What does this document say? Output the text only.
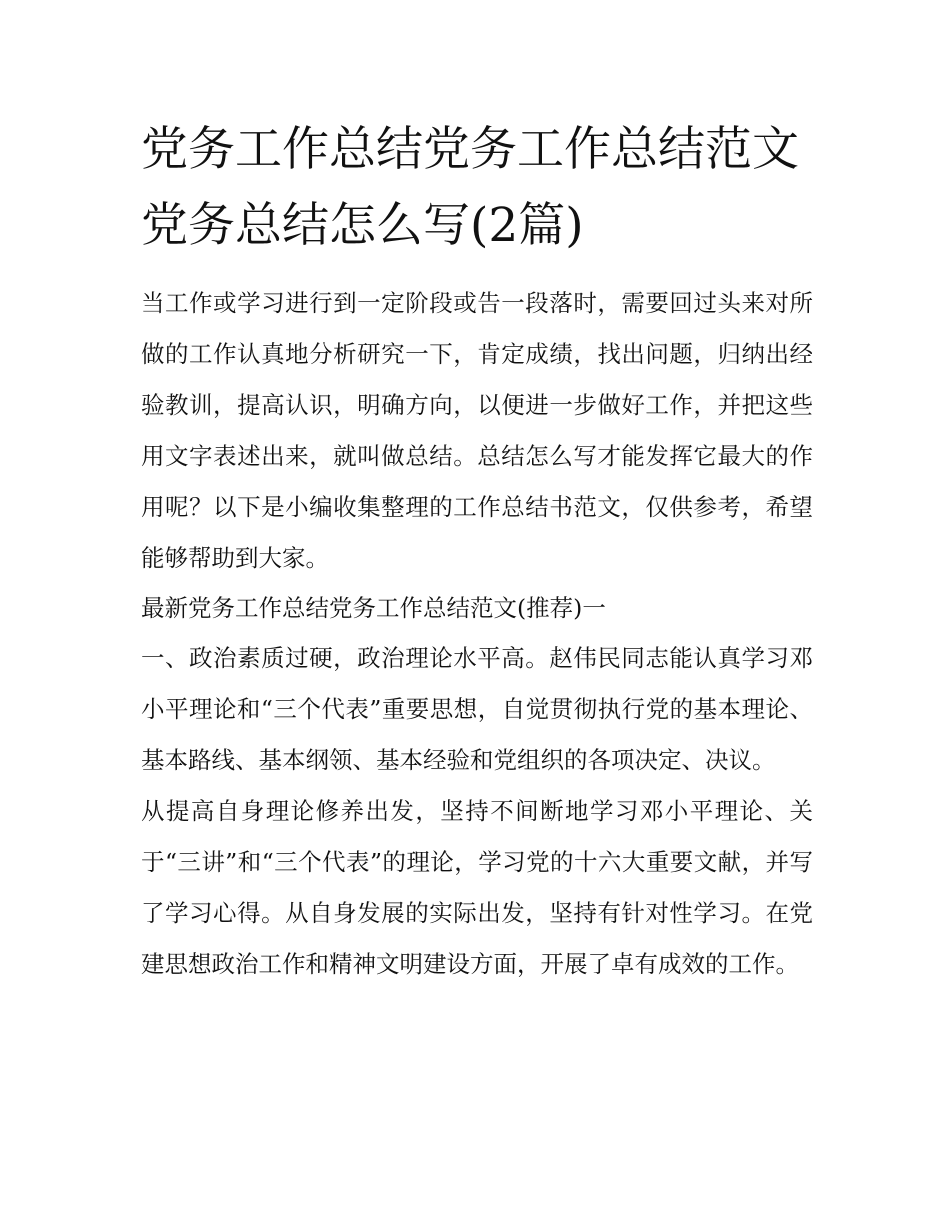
党务工作总结党务工作总结范文 党务总结怎么写(2篇)

当工作或学习进行到一定阶段或告一段落时，需要回过头来对所做的工作认真地分析研究一下，肯定成绩，找出问题，归纳出经验教训，提高认识，明确方向，以便进一步做好工作，并把这些用文字表述出来，就叫做总结。总结怎么写才能发挥它最大的作用呢？以下是小编收集整理的工作总结书范文，仅供参考，希望能够帮助到大家。

最新党务工作总结党务工作总结范文(推荐)一

一、政治素质过硬，政治理论水平高。赵伟民同志能认真学习邓小平理论和“三个代表”重要思想，自觉贯彻执行党的基本理论、基本路线、基本纲领、基本经验和党组织的各项决定、决议。

从提高自身理论修养出发，坚持不间断地学习邓小平理论、关于“三讲”和“三个代表”的理论，学习党的十六大重要文献，并写了学习心得。从自身发展的实际出发，坚持有针对性学习。在党建思想政治工作和精神文明建设方面，开展了卓有成效的工作。
